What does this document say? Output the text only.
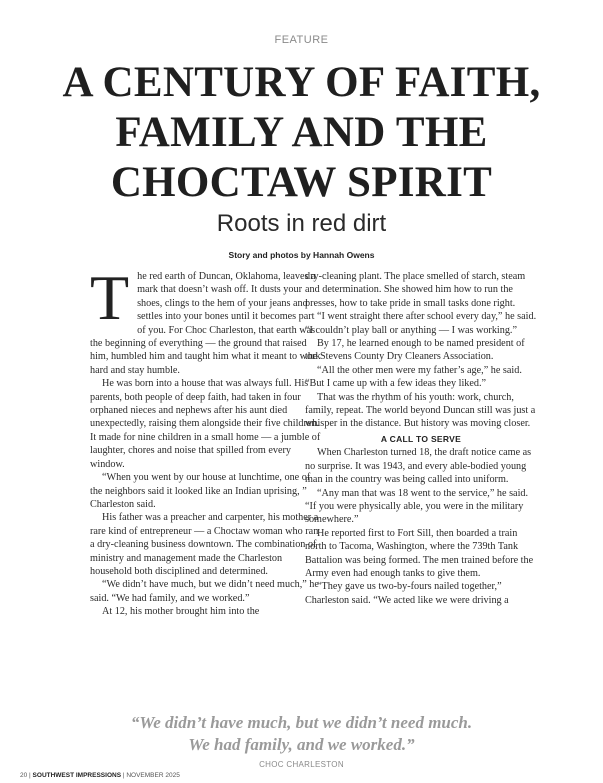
FEATURE
A CENTURY OF FAITH, FAMILY AND THE CHOCTAW SPIRIT
Roots in red dirt
Story and photos by Hannah Owens

The red earth of Duncan, Oklahoma, leaves a mark that doesn’t wash off. It dusts your shoes, clings to the hem of your jeans and settles into your bones until it becomes part of you. For Choc Charleston, that earth was the beginning of everything — the ground that raised him, humbled him and taught him what it meant to work hard and stay humble.

He was born into a house that was always full. His parents, both people of deep faith, had taken in four orphaned nieces and nephews after his aunt died unexpectedly, raising them alongside their five children. It made for nine children in a small home — a jumble of laughter, chores and noise that spilled from every window.

“When you went by our house at lunchtime, one of the neighbors said it looked like an Indian uprising, ” Charleston said.

His father was a preacher and carpenter, his mother a rare kind of entrepreneur — a Choctaw woman who ran a dry-cleaning business downtown. The combination of ministry and management made the Charleston household both disciplined and determined.

“We didn’t have much, but we didn’t need much,” he said. “We had family, and we worked.”

At 12, his mother brought him into the

dry-cleaning plant. The place smelled of starch, steam and determination. She showed him how to run the presses, how to take pride in small tasks done right.

“I went straight there after school every day,” he said. “I couldn’t play ball or anything — I was working.”

By 17, he learned enough to be named president of the Stevens County Dry Cleaners Association.

“All the other men were my father’s age,” he said. “But I came up with a few ideas they liked.”

That was the rhythm of his youth: work, church, family, repeat. The world beyond Duncan still was just a whisper in the distance. But history was moving closer.

A CALL TO SERVE

When Charleston turned 18, the draft notice came as no surprise. It was 1943, and every able-bodied young man in the country was being called into uniform.

“Any man that was 18 went to the service,” he said. “If you were physically able, you were in the military somewhere.”

He reported first to Fort Sill, then boarded a train north to Tacoma, Washington, where the 739th Tank Battalion was being formed. The men trained before the Army even had enough tanks to give them.

“They gave us two-by-fours nailed together,” Charleston said. “We acted like we were driving a

“We didn’t have much, but we didn’t need much.
We had family, and we worked.”
CHOC CHARLESTON
20 | SOUTHWEST IMPRESSIONS | NOVEMBER 2025
